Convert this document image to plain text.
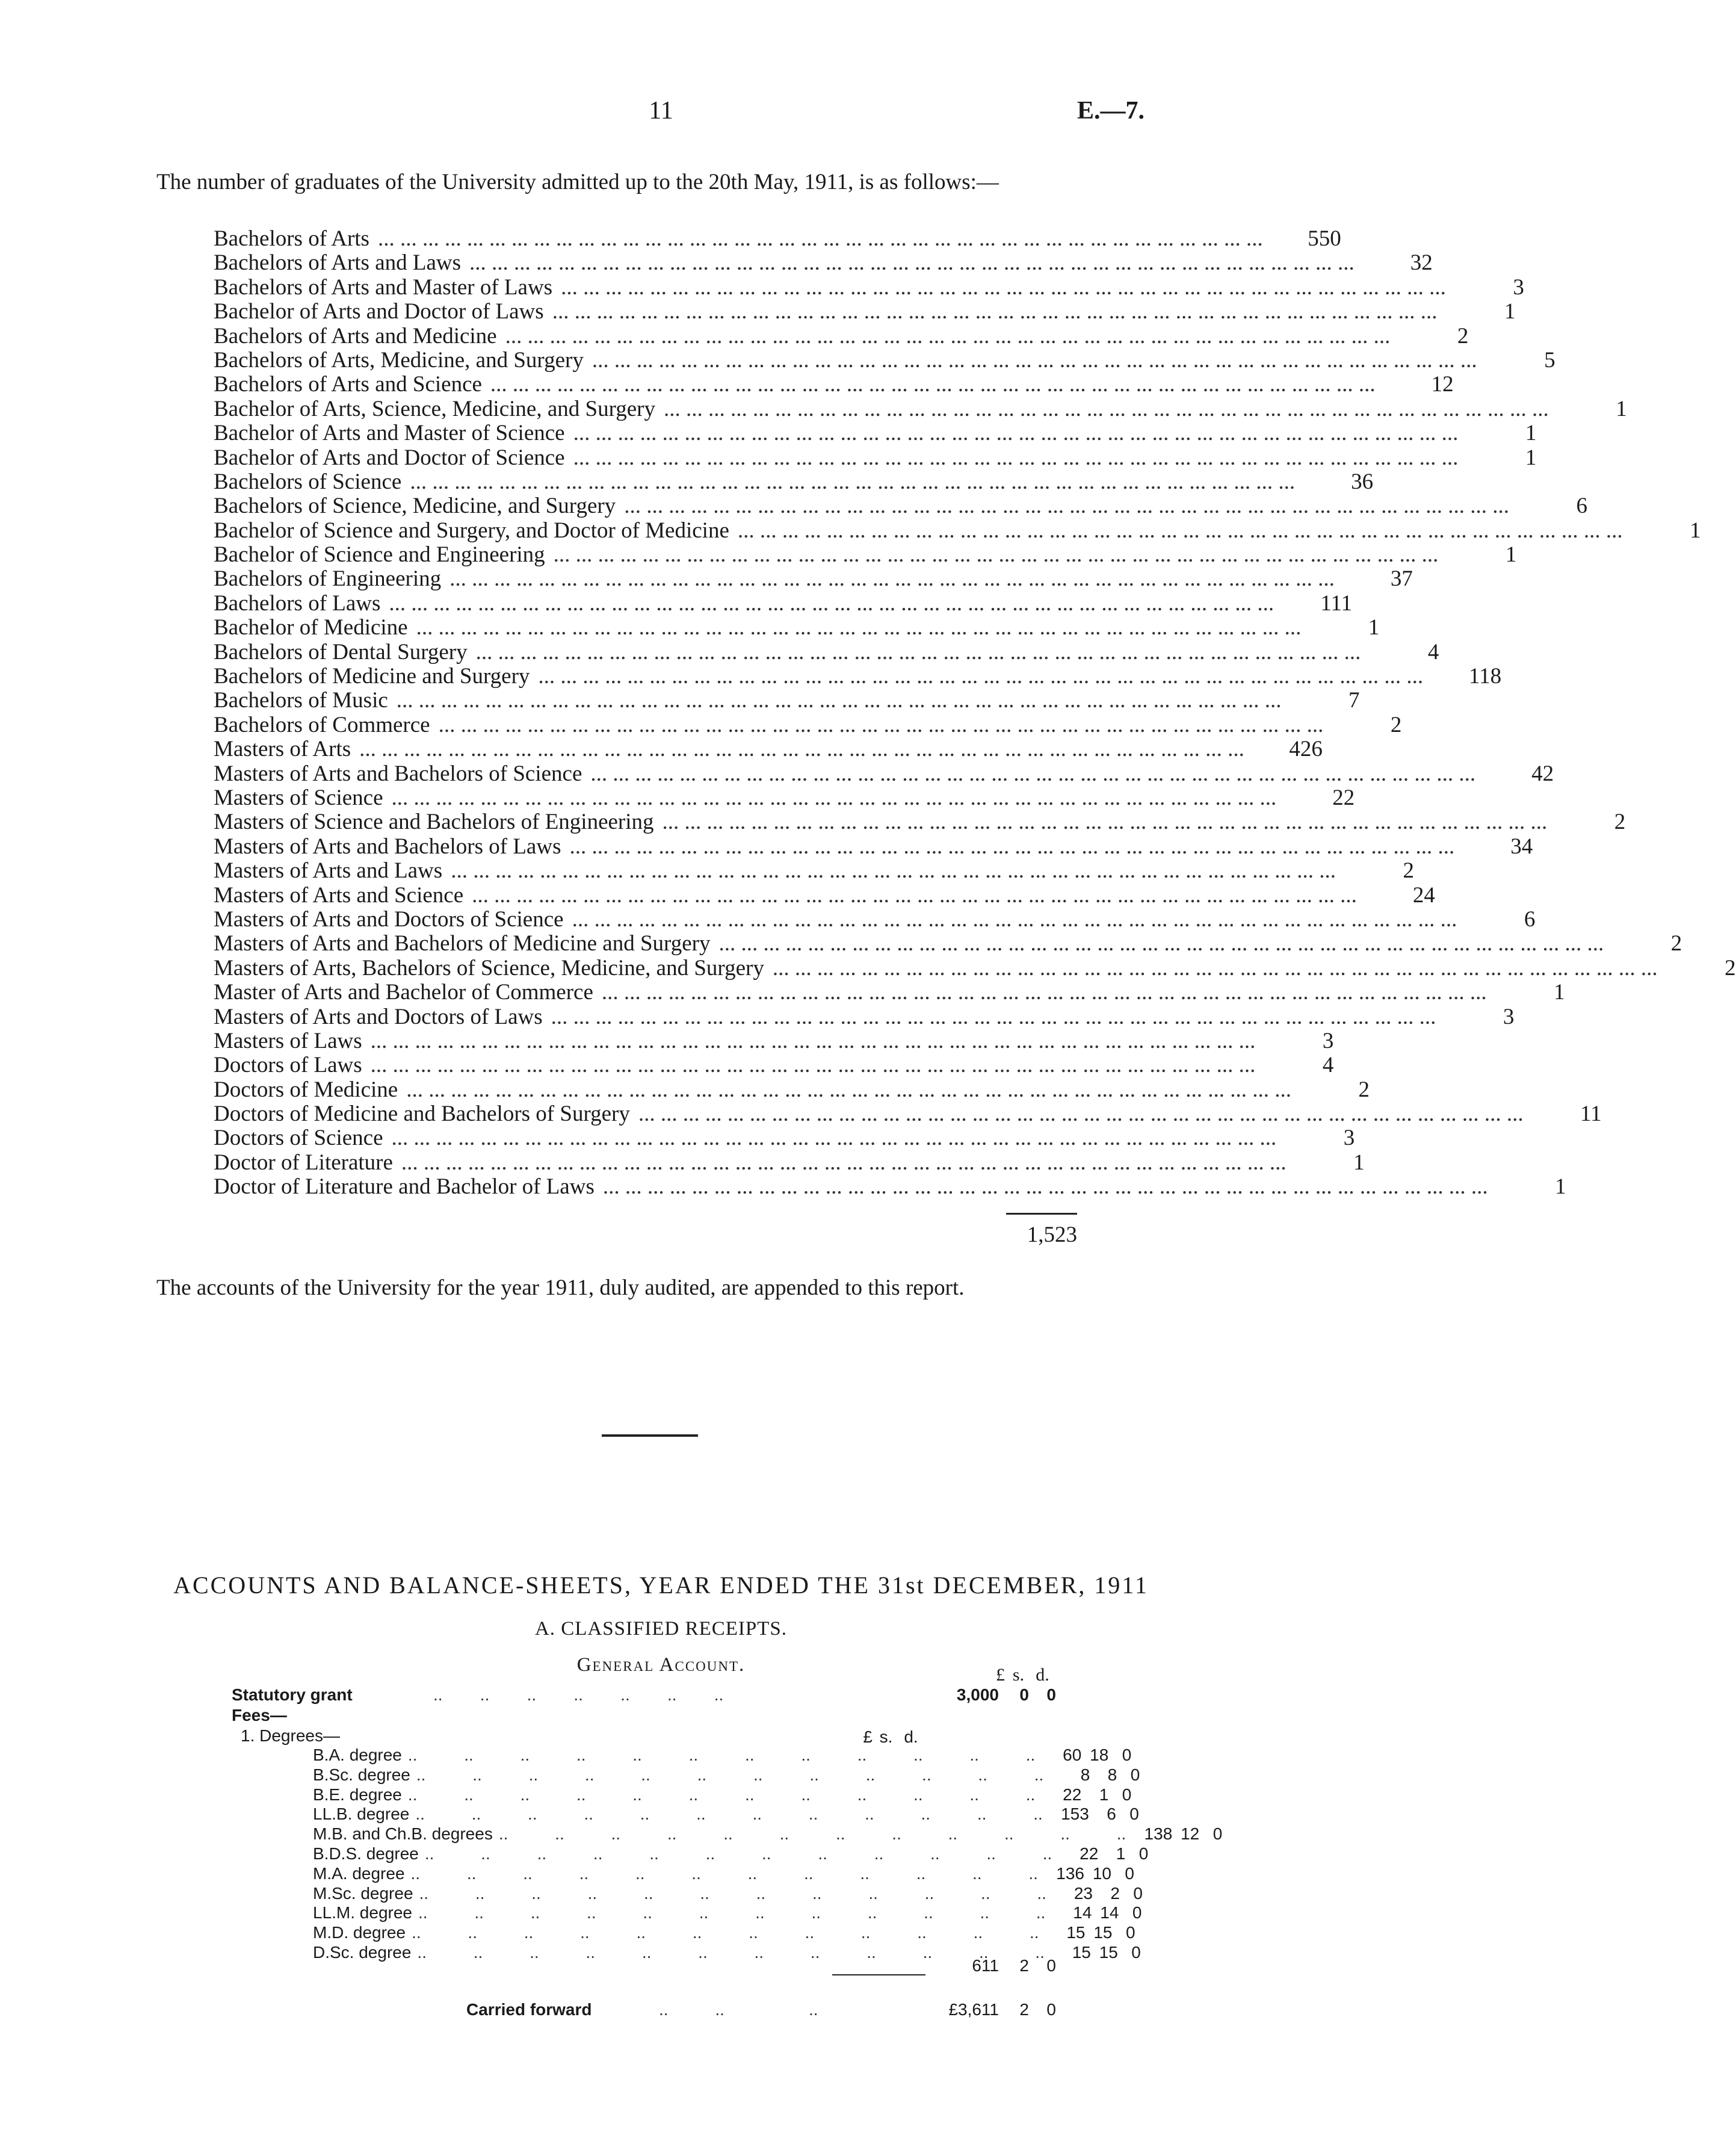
11	E.—7.
The number of graduates of the University admitted up to the 20th May, 1911, is as follows:—
Bachelors of Arts ... ... ... ... ... ... ... ... ... ... ... ... ... ... ... ... ... ... ... ... ... ... ... ... ... ... ... ... ... ... ... ... ... ... ... ... ... ... ... ...	550
Bachelors of Arts and Laws ... ... ... ... ... ... ... ... ... ... ... ... ... ... ... ... ... ... ... ... ... ... ... ... ... ... ... ... ... ... ... ... ... ... ... ... ... ... ... ...	32
Bachelors of Arts and Master of Laws ... ... ... ... ... ... ... ... ... ... ... ... ... ... ... ... ... ... ... ... ... ... ... ... ... ... ... ... ... ... ... ... ... ... ... ... ... ... ... ...	3
Bachelor of Arts and Doctor of Laws ... ... ... ... ... ... ... ... ... ... ... ... ... ... ... ... ... ... ... ... ... ... ... ... ... ... ... ... ... ... ... ... ... ... ... ... ... ... ... ...	1
Bachelors of Arts and Medicine ... ... ... ... ... ... ... ... ... ... ... ... ... ... ... ... ... ... ... ... ... ... ... ... ... ... ... ... ... ... ... ... ... ... ... ... ... ... ... ...	2
Bachelors of Arts, Medicine, and Surgery ... ... ... ... ... ... ... ... ... ... ... ... ... ... ... ... ... ... ... ... ... ... ... ... ... ... ... ... ... ... ... ... ... ... ... ... ... ... ... ...	5
Bachelors of Arts and Science ... ... ... ... ... ... ... ... ... ... ... ... ... ... ... ... ... ... ... ... ... ... ... ... ... ... ... ... ... ... ... ... ... ... ... ... ... ... ... ...	12
Bachelor of Arts, Science, Medicine, and Surgery ... ... ... ... ... ... ... ... ... ... ... ... ... ... ... ... ... ... ... ... ... ... ... ... ... ... ... ... ... ... ... ... ... ... ... ... ... ... ... ...	1
Bachelor of Arts and Master of Science ... ... ... ... ... ... ... ... ... ... ... ... ... ... ... ... ... ... ... ... ... ... ... ... ... ... ... ... ... ... ... ... ... ... ... ... ... ... ... ...	1
Bachelor of Arts and Doctor of Science ... ... ... ... ... ... ... ... ... ... ... ... ... ... ... ... ... ... ... ... ... ... ... ... ... ... ... ... ... ... ... ... ... ... ... ... ... ... ... ...	1
Bachelors of Science ... ... ... ... ... ... ... ... ... ... ... ... ... ... ... ... ... ... ... ... ... ... ... ... ... ... ... ... ... ... ... ... ... ... ... ... ... ... ... ...	36
Bachelors of Science, Medicine, and Surgery ... ... ... ... ... ... ... ... ... ... ... ... ... ... ... ... ... ... ... ... ... ... ... ... ... ... ... ... ... ... ... ... ... ... ... ... ... ... ... ...	6
Bachelor of Science and Surgery, and Doctor of Medicine ... ... ... ... ... ... ... ... ... ... ... ... ... ... ... ... ... ... ... ... ... ... ... ... ... ... ... ... ... ... ... ... ... ... ... ... ... ... ... ...	1
Bachelor of Science and Engineering ... ... ... ... ... ... ... ... ... ... ... ... ... ... ... ... ... ... ... ... ... ... ... ... ... ... ... ... ... ... ... ... ... ... ... ... ... ... ... ...	1
Bachelors of Engineering ... ... ... ... ... ... ... ... ... ... ... ... ... ... ... ... ... ... ... ... ... ... ... ... ... ... ... ... ... ... ... ... ... ... ... ... ... ... ... ...	37
Bachelors of Laws ... ... ... ... ... ... ... ... ... ... ... ... ... ... ... ... ... ... ... ... ... ... ... ... ... ... ... ... ... ... ... ... ... ... ... ... ... ... ... ...	111
Bachelor of Medicine ... ... ... ... ... ... ... ... ... ... ... ... ... ... ... ... ... ... ... ... ... ... ... ... ... ... ... ... ... ... ... ... ... ... ... ... ... ... ... ...	1
Bachelors of Dental Surgery ... ... ... ... ... ... ... ... ... ... ... ... ... ... ... ... ... ... ... ... ... ... ... ... ... ... ... ... ... ... ... ... ... ... ... ... ... ... ... ...	4
Bachelors of Medicine and Surgery ... ... ... ... ... ... ... ... ... ... ... ... ... ... ... ... ... ... ... ... ... ... ... ... ... ... ... ... ... ... ... ... ... ... ... ... ... ... ... ...	118
Bachelors of Music ... ... ... ... ... ... ... ... ... ... ... ... ... ... ... ... ... ... ... ... ... ... ... ... ... ... ... ... ... ... ... ... ... ... ... ... ... ... ... ...	7
Bachelors of Commerce ... ... ... ... ... ... ... ... ... ... ... ... ... ... ... ... ... ... ... ... ... ... ... ... ... ... ... ... ... ... ... ... ... ... ... ... ... ... ... ...	2
Masters of Arts ... ... ... ... ... ... ... ... ... ... ... ... ... ... ... ... ... ... ... ... ... ... ... ... ... ... ... ... ... ... ... ... ... ... ... ... ... ... ... ...	426
Masters of Arts and Bachelors of Science ... ... ... ... ... ... ... ... ... ... ... ... ... ... ... ... ... ... ... ... ... ... ... ... ... ... ... ... ... ... ... ... ... ... ... ... ... ... ... ...	42
Masters of Science ... ... ... ... ... ... ... ... ... ... ... ... ... ... ... ... ... ... ... ... ... ... ... ... ... ... ... ... ... ... ... ... ... ... ... ... ... ... ... ...	22
Masters of Science and Bachelors of Engineering ... ... ... ... ... ... ... ... ... ... ... ... ... ... ... ... ... ... ... ... ... ... ... ... ... ... ... ... ... ... ... ... ... ... ... ... ... ... ... ...	2
Masters of Arts and Bachelors of Laws ... ... ... ... ... ... ... ... ... ... ... ... ... ... ... ... ... ... ... ... ... ... ... ... ... ... ... ... ... ... ... ... ... ... ... ... ... ... ... ...	34
Masters of Arts and Laws ... ... ... ... ... ... ... ... ... ... ... ... ... ... ... ... ... ... ... ... ... ... ... ... ... ... ... ... ... ... ... ... ... ... ... ... ... ... ... ...	2
Masters of Arts and Science ... ... ... ... ... ... ... ... ... ... ... ... ... ... ... ... ... ... ... ... ... ... ... ... ... ... ... ... ... ... ... ... ... ... ... ... ... ... ... ...	24
Masters of Arts and Doctors of Science ... ... ... ... ... ... ... ... ... ... ... ... ... ... ... ... ... ... ... ... ... ... ... ... ... ... ... ... ... ... ... ... ... ... ... ... ... ... ... ...	6
Masters of Arts and Bachelors of Medicine and Surgery ... ... ... ... ... ... ... ... ... ... ... ... ... ... ... ... ... ... ... ... ... ... ... ... ... ... ... ... ... ... ... ... ... ... ... ... ... ... ... ...	2
Masters of Arts, Bachelors of Science, Medicine, and Surgery ... ... ... ... ... ... ... ... ... ... ... ... ... ... ... ... ... ... ... ... ... ... ... ... ... ... ... ... ... ... ... ... ... ... ... ... ... ... ... ...	2
Master of Arts and Bachelor of Commerce ... ... ... ... ... ... ... ... ... ... ... ... ... ... ... ... ... ... ... ... ... ... ... ... ... ... ... ... ... ... ... ... ... ... ... ... ... ... ... ...	1
Masters of Arts and Doctors of Laws ... ... ... ... ... ... ... ... ... ... ... ... ... ... ... ... ... ... ... ... ... ... ... ... ... ... ... ... ... ... ... ... ... ... ... ... ... ... ... ...	3
Masters of Laws ... ... ... ... ... ... ... ... ... ... ... ... ... ... ... ... ... ... ... ... ... ... ... ... ... ... ... ... ... ... ... ... ... ... ... ... ... ... ... ...	3
Doctors of Laws ... ... ... ... ... ... ... ... ... ... ... ... ... ... ... ... ... ... ... ... ... ... ... ... ... ... ... ... ... ... ... ... ... ... ... ... ... ... ... ...	4
Doctors of Medicine ... ... ... ... ... ... ... ... ... ... ... ... ... ... ... ... ... ... ... ... ... ... ... ... ... ... ... ... ... ... ... ... ... ... ... ... ... ... ... ...	2
Doctors of Medicine and Bachelors of Surgery ... ... ... ... ... ... ... ... ... ... ... ... ... ... ... ... ... ... ... ... ... ... ... ... ... ... ... ... ... ... ... ... ... ... ... ... ... ... ... ...	11
Doctors of Science ... ... ... ... ... ... ... ... ... ... ... ... ... ... ... ... ... ... ... ... ... ... ... ... ... ... ... ... ... ... ... ... ... ... ... ... ... ... ... ...	3
Doctor of Literature ... ... ... ... ... ... ... ... ... ... ... ... ... ... ... ... ... ... ... ... ... ... ... ... ... ... ... ... ... ... ... ... ... ... ... ... ... ... ... ...	1
Doctor of Literature and Bachelor of Laws ... ... ... ... ... ... ... ... ... ... ... ... ... ... ... ... ... ... ... ... ... ... ... ... ... ... ... ... ... ... ... ... ... ... ... ... ... ... ... ...	1
1,523
The accounts of the University for the year 1911, duly audited, are appended to this report.
ACCOUNTS AND BALANCE-SHEETS, YEAR ENDED THE 31st DECEMBER, 1911
A. CLASSIFIED RECEIPTS.
General Account.	£ s. d.
Statutory grant	..        ..        ..        ..        ..        ..        ..	3,000	0	0
Fees—
1. Degrees—	£ s. d.
B.A. degree ..          ..          ..          ..          ..          ..          ..          ..          ..          ..          ..          ..	60 18 0
B.Sc. degree ..          ..          ..          ..          ..          ..          ..          ..          ..          ..          ..          ..	8	8 0
B.E. degree ..          ..          ..          ..          ..          ..          ..          ..          ..          ..          ..          ..	22	1 0
LL.B. degree ..          ..          ..          ..          ..          ..          ..          ..          ..          ..          ..          ..	153	6 0
M.B. and Ch.B. degrees ..          ..          ..          ..          ..          ..          ..          ..          ..          ..          ..          ..	138 12 0
B.D.S. degree ..          ..          ..          ..          ..          ..          ..          ..          ..          ..          ..          ..	22	1 0
M.A. degree ..          ..          ..          ..          ..          ..          ..          ..          ..          ..          ..          ..	136 10 0
M.Sc. degree ..          ..          ..          ..          ..          ..          ..          ..          ..          ..          ..          ..	23	2 0
LL.M. degree ..          ..          ..          ..          ..          ..          ..          ..          ..          ..          ..          ..	14 14 0
M.D. degree ..          ..          ..          ..          ..          ..          ..          ..          ..          ..          ..          ..	15 15 0
D.Sc. degree ..          ..          ..          ..          ..          ..          ..          ..          ..          ..          ..          ..	15 15 0
611	2	0
Carried forward	..          ..                  ..	£3,611	2	0
